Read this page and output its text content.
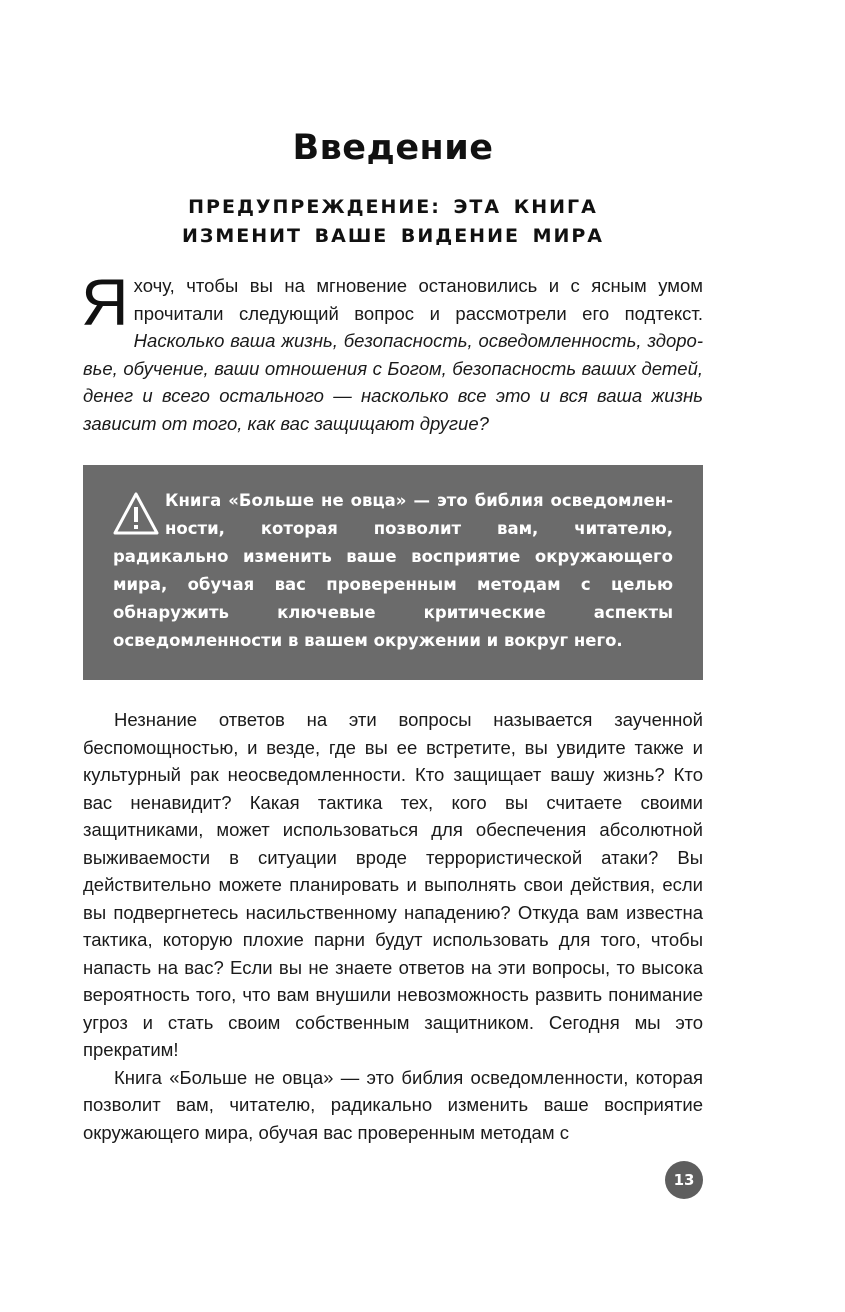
Введение
ПРЕДУПРЕЖДЕНИЕ: ЭТА КНИГА
ИЗМЕНИТ ВАШЕ ВИДЕНИЕ МИРА

Я хочу, чтобы вы на мгновение остановились и с ясным умом прочитали следующий вопрос и рассмотрели его подтекст. Насколько ваша жизнь, безопасность, осведомленность, здоровье, обучение, ваши отношения с Богом, безопасность ваших детей, денег и всего остального — насколько все это и вся ваша жизнь зависит от того, как вас защищают другие?

Книга «Больше не овца» — это библия осведомленности, которая позволит вам, читателю, радикально изменить ваше восприятие окружающего мира, обучая вас проверенным методам с целью обнаружить ключевые критические аспекты осведомленности в вашем окружении и вокруг него.

Незнание ответов на эти вопросы называется заученной беспомощностью, и везде, где вы ее встретите, вы увидите также и культурный рак неосведомленности. Кто защищает вашу жизнь? Кто вас ненавидит? Какая тактика тех, кого вы считаете своими защитниками, может использоваться для обеспечения абсолютной выживаемости в ситуации вроде террористической атаки? Вы действительно можете планировать и выполнять свои действия, если вы подвергнетесь насильственному нападению? Откуда вам известна тактика, которую плохие парни будут использовать для того, чтобы напасть на вас? Если вы не знаете ответов на эти вопросы, то высока вероятность того, что вам внушили невозможность развить понимание угроз и стать своим собственным защитником. Сегодня мы это прекратим!

Книга «Больше не овца» — это библия осведомленности, которая позволит вам, читателю, радикально изменить ваше восприятие окружающего мира, обучая вас проверенным методам с

13
